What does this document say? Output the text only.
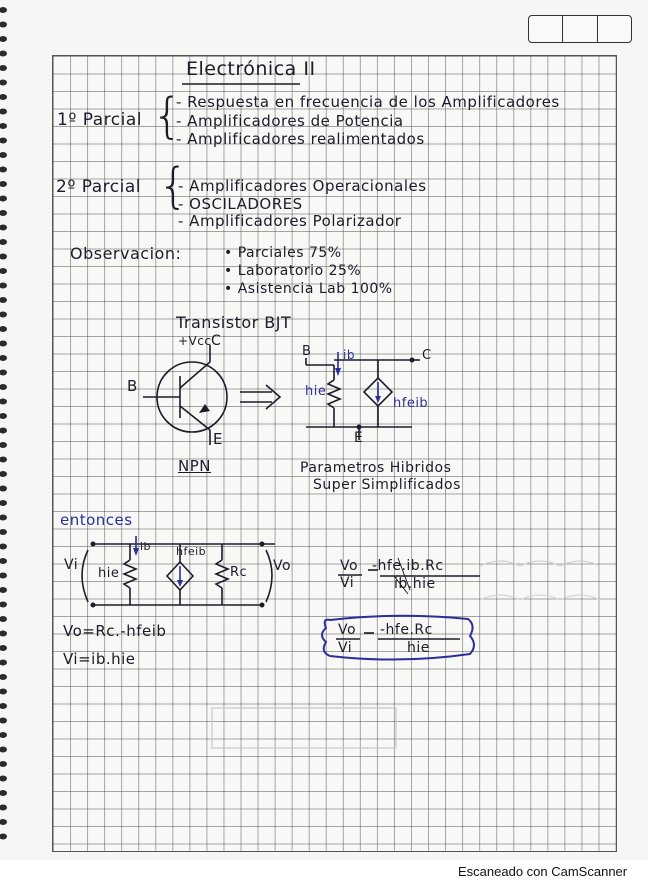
Electrónica II
1º Parcial {
- Respuesta en frecuencia de los Amplificadores
- Amplificadores de Potencia
- Amplificadores realimentados
2º Parcial {
- Amplificadores Operacionales
- OSCILADORES
- Amplificadores Polarizador
Observacion:	• Parciales 75%
• Laboratorio 25%
• Asistencia Lab 100%
Transistor BJT
+Vcc C
B
E
NPN
B	ib	C
hie
hfeib
E
Parametros Hibridos
Super Simplificados
entonces
Vi
hie
ib hfeib
Rc Vo
Vo=Rc.-hfeib
Vi=ib.hie
Vo
Vi
-hfe.ib.Rc
ib.hie
Vo
Vi
-hfe.Rc
hie
Escaneado con CamScanner
